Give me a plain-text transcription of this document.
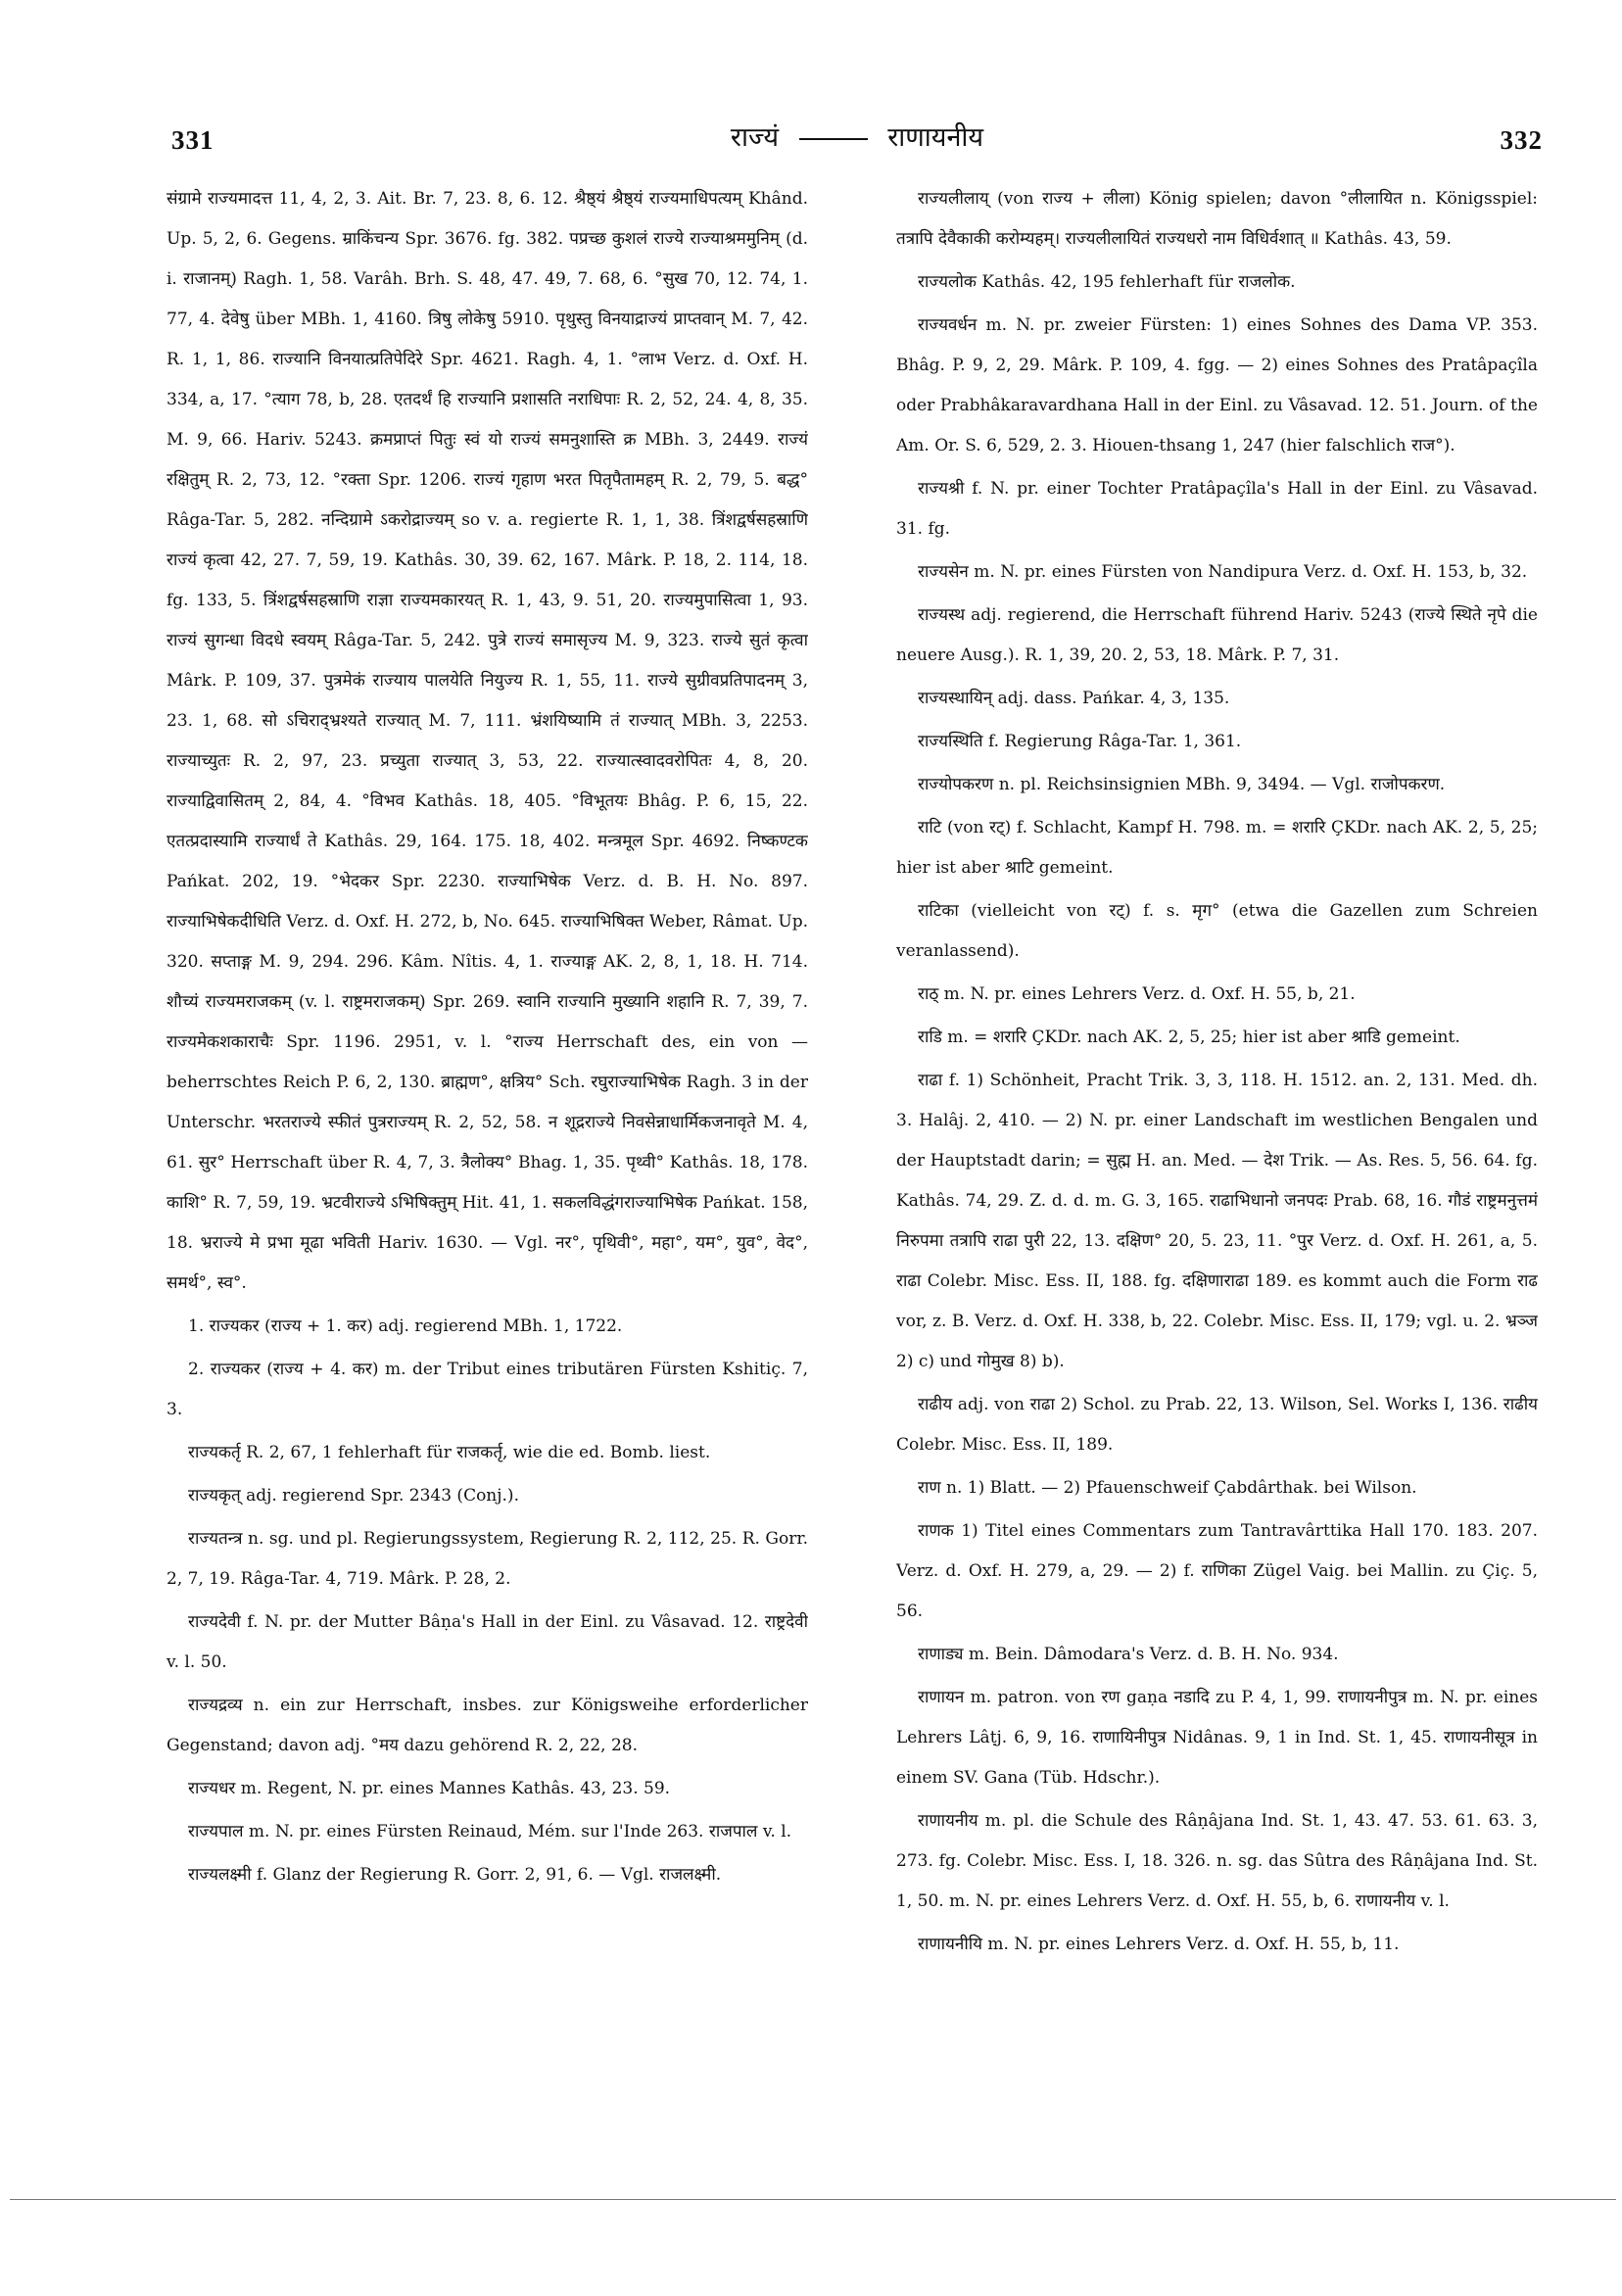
331	राज्यं	राणायनीय	332

संग्रामे राज्यमादत्त 11, 4, 2, 3. Ait. Br. 7, 23. 8, 6. 12. श्रैष्ठ्यं श्रैष्ठ्यं राज्यमाधिपत्यम् Khând. Up. 5, 2, 6. Gegens. म्राकिंचन्य Spr. 3676. fg. 382. पप्रच्छ कुशलं राज्ये राज्याश्रममुनिम् (d. i. राजानम्) Ragh. 1, 58. Varâh. Brh. S. 48, 47. 49, 7. 68, 6. °सुख 70, 12. 74, 1. 77, 4. देवेषु über MBh. 1, 4160. त्रिषु लोकेषु 5910. पृथुस्तु विनयाद्राज्यं प्राप्तवान् M. 7, 42. R. 1, 1, 86. राज्यानि विनयात्प्रतिपेदिरे Spr. 4621. Ragh. 4, 1. °लाभ Verz. d. Oxf. H. 334, a, 17. °त्याग 78, b, 28. एतदर्थं हि राज्यानि प्रशासति नराधिपाः R. 2, 52, 24. 4, 8, 35. M. 9, 66. Hariv. 5243. क्रमप्राप्तं पितुः स्वं यो राज्यं समनुशास्ति क्र MBh. 3, 2449. राज्यं रक्षितुम् R. 2, 73, 12. °रक्ता Spr. 1206. राज्यं गृहाण भरत पितृपैतामहम् R. 2, 79, 5. बद्ध° Râga-Tar. 5, 282. नन्दिग्रामे ऽकरोद्राज्यम् so v. a. regierte R. 1, 1, 38. त्रिंशद्वर्षसहस्राणि राज्यं कृत्वा 42, 27. 7, 59, 19. Kathâs. 30, 39. 62, 167. Mârk. P. 18, 2. 114, 18. fg. 133, 5. त्रिंशद्वर्षसहस्राणि राज्ञा राज्यमकारयत् R. 1, 43, 9. 51, 20. राज्यमुपासित्वा 1, 93. राज्यं सुगन्धा विदधे स्वयम् Râga-Tar. 5, 242. पुत्रे राज्यं समासृज्य M. 9, 323. राज्ये सुतं कृत्वा Mârk. P. 109, 37. पुत्रमेकं राज्याय पालयेति नियुज्य R. 1, 55, 11. राज्ये सुग्रीवप्रतिपादनम् 3, 23. 1, 68. सो ऽचिराद्भ्रश्यते राज्यात् M. 7, 111. भ्रंशयिष्यामि तं राज्यात् MBh. 3, 2253. राज्याच्युतः R. 2, 97, 23. प्रच्युता राज्यात् 3, 53, 22. राज्यात्स्वादवरोपितः 4, 8, 20. राज्याद्विवासितम् 2, 84, 4. °विभव Kathâs. 18, 405. °विभूतयः Bhâg. P. 6, 15, 22. एतत्प्रदास्यामि राज्यार्धं ते Kathâs. 29, 164. 175. 18, 402. मन्त्रमूल Spr. 4692. निष्कण्टक Pańkat. 202, 19. °भेदकर Spr. 2230. राज्याभिषेक Verz. d. B. H. No. 897. राज्याभिषेकदीधिति Verz. d. Oxf. H. 272, b, No. 645. राज्याभिषिक्त Weber, Râmat. Up. 320. सप्ताङ्ग M. 9, 294. 296. Kâm. Nîtis. 4, 1. राज्याङ्ग AK. 2, 8, 1, 18. H. 714. शौच्यं राज्यमराजकम् (v. l. राष्ट्रमराजकम्) Spr. 269. स्वानि राज्यानि मुख्यानि शहानि R. 7, 39, 7. राज्यमेकशकाराचैः Spr. 1196. 2951, v. l. °राज्य Herrschaft des, ein von — beherrschtes Reich P. 6, 2, 130. ब्राह्मण°, क्षत्रिय° Sch. रघुराज्याभिषेक Ragh. 3 in der Unterschr. भरतराज्ये स्फीतं पुत्रराज्यम् R. 2, 52, 58. न शूद्रराज्ये निवसेन्नाधार्मिकजनावृते M. 4, 61. सुर° Herrschaft über R. 4, 7, 3. त्रैलोक्य° Bhag. 1, 35. पृथ्वी° Kathâs. 18, 178. काशि° R. 7, 59, 19. भ्रटवीराज्ये ऽभिषिक्तुम् Hit. 41, 1. सकलविद्धंगराज्याभिषेक Pańkat. 158, 18. भ्रराज्ये मे प्रभा मूढा भविती Hariv. 1630. — Vgl. नर°, पृथिवी°, महा°, यम°, युव°, वेद°, समर्थ°, स्व°.

1. राज्यकर (राज्य + 1. कर) adj. regierend MBh. 1, 1722.

2. राज्यकर (राज्य + 4. कर) m. der Tribut eines tributären Fürsten Kshitiç. 7, 3.

राज्यकर्तृ R. 2, 67, 1 fehlerhaft für राजकर्तृ, wie die ed. Bomb. liest.

राज्यकृत् adj. regierend Spr. 2343 (Conj.).

राज्यतन्त्र n. sg. und pl. Regierungssystem, Regierung R. 2, 112, 25. R. Gorr. 2, 7, 19. Râga-Tar. 4, 719. Mârk. P. 28, 2.

राज्यदेवी f. N. pr. der Mutter Bâṇa's Hall in der Einl. zu Vâsavad. 12. राष्ट्रदेवी v. l. 50.

राज्यद्रव्य n. ein zur Herrschaft, insbes. zur Königsweihe erforderlicher Gegenstand; davon adj. °मय dazu gehörend R. 2, 22, 28.

राज्यधर m. Regent, N. pr. eines Mannes Kathâs. 43, 23. 59.

राज्यपाल m. N. pr. eines Fürsten Reinaud, Mém. sur l'Inde 263. राजपाल v. l.

राज्यलक्ष्मी f. Glanz der Regierung R. Gorr. 2, 91, 6. — Vgl. राजलक्ष्मी.

राज्यलीलाय् (von राज्य + लीला) König spielen; davon °लीलायित n. Königsspiel: तत्रापि देवैकाकी करोम्यहम्। राज्यलीलायितं राज्यधरो नाम विधिर्वशात् ॥ Kathâs. 43, 59.

राज्यलोक Kathâs. 42, 195 fehlerhaft für राजलोक.

राज्यवर्धन m. N. pr. zweier Fürsten: 1) eines Sohnes des Dama VP. 353. Bhâg. P. 9, 2, 29. Mârk. P. 109, 4. fgg. — 2) eines Sohnes des Pratâpaçîla oder Prabhâkaravardhana Hall in der Einl. zu Vâsavad. 12. 51. Journ. of the Am. Or. S. 6, 529, 2. 3. Hiouen-thsang 1, 247 (hier falschlich राज°).

राज्यश्री f. N. pr. einer Tochter Pratâpaçîla's Hall in der Einl. zu Vâsavad. 31. fg.

राज्यसेन m. N. pr. eines Fürsten von Nandipura Verz. d. Oxf. H. 153, b, 32.

राज्यस्थ adj. regierend, die Herrschaft führend Hariv. 5243 (राज्ये स्थिते नृपे die neuere Ausg.). R. 1, 39, 20. 2, 53, 18. Mârk. P. 7, 31.

राज्यस्थायिन् adj. dass. Pańkar. 4, 3, 135.

राज्यस्थिति f. Regierung Râga-Tar. 1, 361.

राज्योपकरण n. pl. Reichsinsignien MBh. 9, 3494. — Vgl. राजोपकरण.

राटि (von रट्) f. Schlacht, Kampf H. 798. m. = शरारि ÇKDr. nach AK. 2, 5, 25; hier ist aber श्राटि gemeint.

राटिका (vielleicht von रट्) f. s. मृग° (etwa die Gazellen zum Schreien veranlassend).

राठ् m. N. pr. eines Lehrers Verz. d. Oxf. H. 55, b, 21.

राडि m. = शरारि ÇKDr. nach AK. 2, 5, 25; hier ist aber श्राडि gemeint.

राढा f. 1) Schönheit, Pracht Trik. 3, 3, 118. H. 1512. an. 2, 131. Med. dh. 3. Halâj. 2, 410. — 2) N. pr. einer Landschaft im westlichen Bengalen und der Hauptstadt darin; = सुह्म H. an. Med. — देश Trik. — As. Res. 5, 56. 64. fg. Kathâs. 74, 29. Z. d. d. m. G. 3, 165. राढाभिधानो जनपदः Prab. 68, 16. गौडं राष्ट्रमनुत्तमं निरुपमा तत्रापि राढा पुरी 22, 13. दक्षिण° 20, 5. 23, 11. °पुर Verz. d. Oxf. H. 261, a, 5. राढा Colebr. Misc. Ess. II, 188. fg. दक्षिणाराढा 189. es kommt auch die Form राढ vor, z. B. Verz. d. Oxf. H. 338, b, 22. Colebr. Misc. Ess. II, 179; vgl. u. 2. भ्रञ्ज 2) c) und गोमुख 8) b).

राढीय adj. von राढा 2) Schol. zu Prab. 22, 13. Wilson, Sel. Works I, 136. राढीय Colebr. Misc. Ess. II, 189.

राण n. 1) Blatt. — 2) Pfauenschweif Çabdârthak. bei Wilson.

राणक 1) Titel eines Commentars zum Tantravârttika Hall 170. 183. 207. Verz. d. Oxf. H. 279, a, 29. — 2) f. राणिका Zügel Vaig. bei Mallin. zu Çiç. 5, 56.

राणाड्य m. Bein. Dâmodara's Verz. d. B. H. No. 934.

राणायन m. patron. von रण gaṇa नडादि zu P. 4, 1, 99. राणायनीपुत्र m. N. pr. eines Lehrers Lâṭj. 6, 9, 16. राणायिनीपुत्र Nidânas. 9, 1 in Ind. St. 1, 45. राणायनीसूत्र in einem SV. Gana (Tüb. Hdschr.).

राणायनीय m. pl. die Schule des Râṇâjana Ind. St. 1, 43. 47. 53. 61. 63. 3, 273. fg. Colebr. Misc. Ess. I, 18. 326. n. sg. das Sûtra des Râṇâjana Ind. St. 1, 50. m. N. pr. eines Lehrers Verz. d. Oxf. H. 55, b, 6. राणायनीय v. l.

राणायनीयि m. N. pr. eines Lehrers Verz. d. Oxf. H. 55, b, 11.
